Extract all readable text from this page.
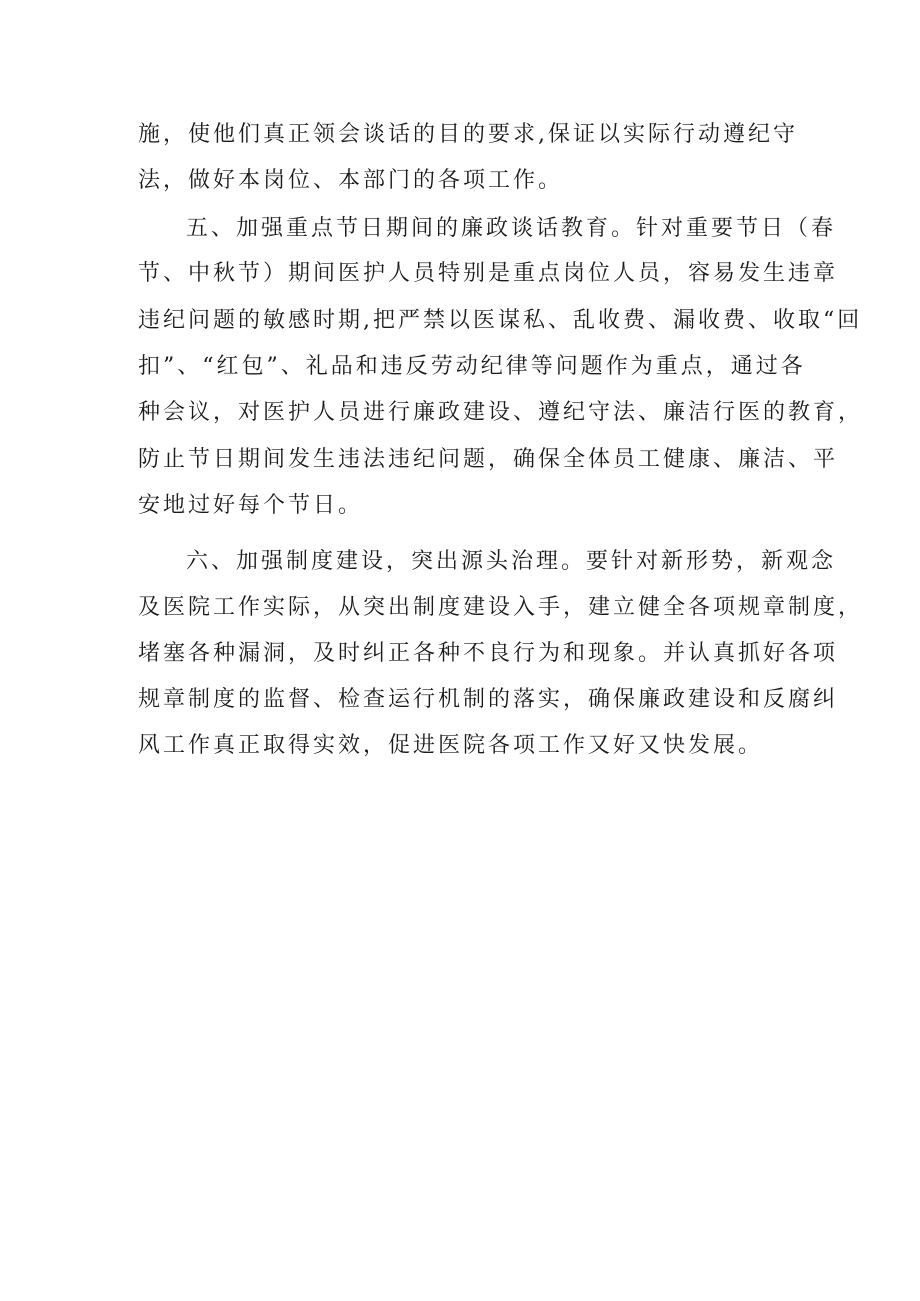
施，使他们真正领会谈话的目的要求,保证以实际行动遵纪守

法，做好本岗位、本部门的各项工作。

五、加强重点节日期间的廉政谈话教育。针对重要节日（春

节、中秋节）期间医护人员特别是重点岗位人员，容易发生违章

违纪问题的敏感时期,把严禁以医谋私、乱收费、漏收费、收取“回

扣”、“红包”、礼品和违反劳动纪律等问题作为重点，通过各

种会议，对医护人员进行廉政建设、遵纪守法、廉洁行医的教育，

防止节日期间发生违法违纪问题，确保全体员工健康、廉洁、平

安地过好每个节日。

六、加强制度建设，突出源头治理。要针对新形势，新观念

及医院工作实际，从突出制度建设入手，建立健全各项规章制度，

堵塞各种漏洞，及时纠正各种不良行为和现象。并认真抓好各项

规章制度的监督、检查运行机制的落实，确保廉政建设和反腐纠

风工作真正取得实效，促进医院各项工作又好又快发展。
